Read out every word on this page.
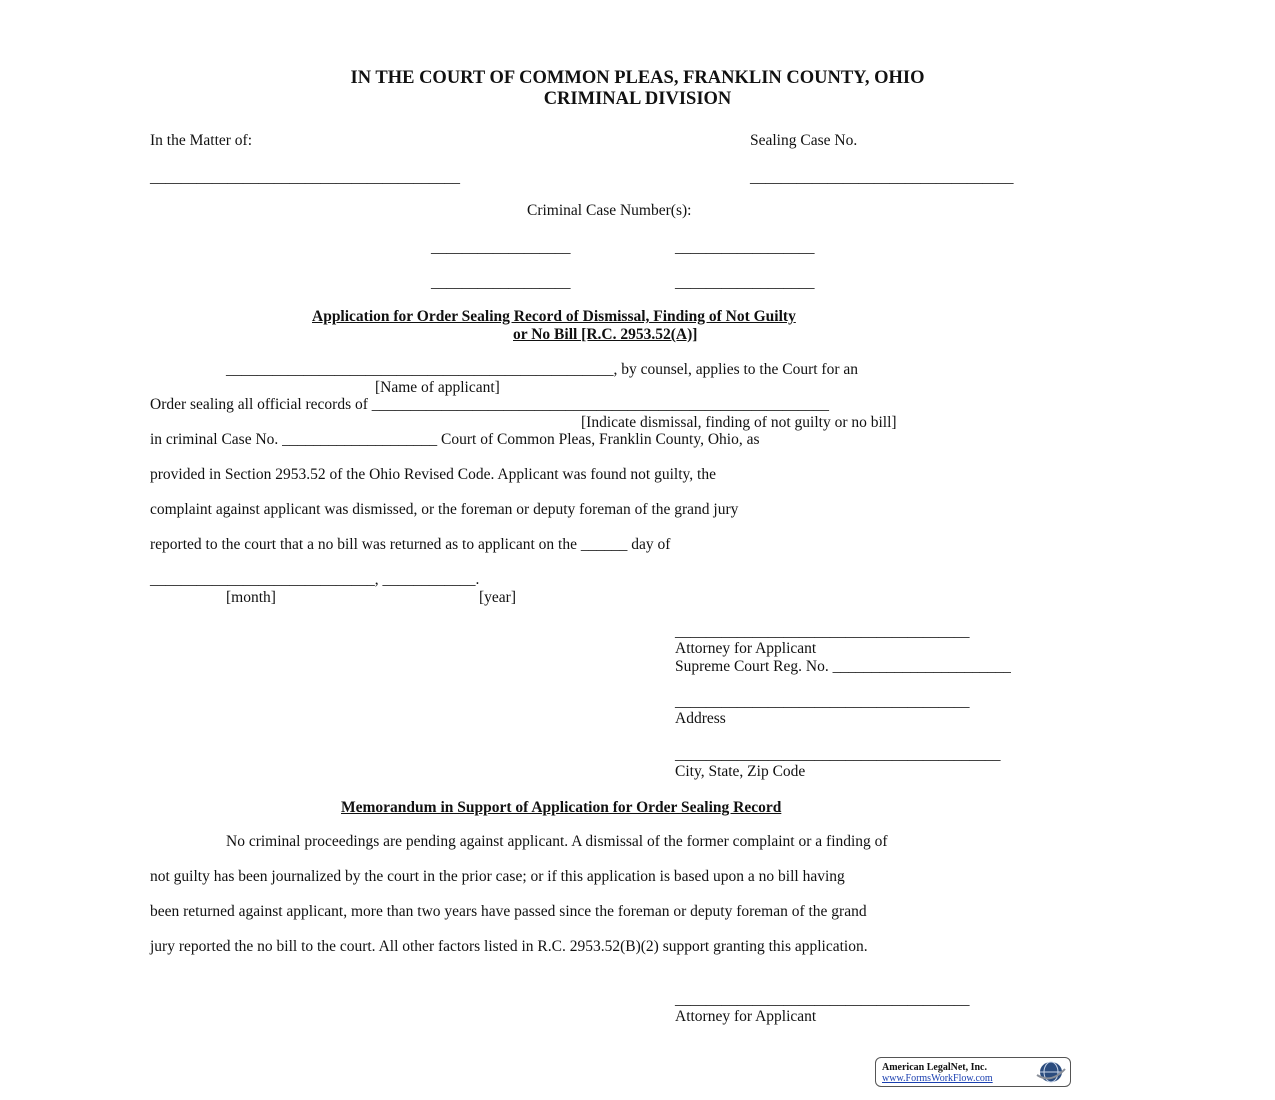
IN THE COURT OF COMMON PLEAS, FRANKLIN COUNTY, OHIO
CRIMINAL DIVISION
In the Matter of:	Sealing Case No.
________________________________________	__________________________________
Criminal Case Number(s):
__________________	__________________
__________________	__________________
Application for Order Sealing Record of Dismissal, Finding of Not Guilty
or No Bill [R.C. 2953.52(A)]
__________________________________________________, by counsel, applies to the Court for an
[Name of applicant]
Order sealing all official records of ___________________________________________________________
[Indicate dismissal, finding of not guilty or no bill]
in criminal Case No. ____________________ Court of Common Pleas, Franklin County, Ohio, as
provided in Section 2953.52 of the Ohio Revised Code. Applicant was found not guilty, the
complaint against applicant was dismissed, or the foreman or deputy foreman of the grand jury
reported to the court that a no bill was returned as to applicant on the ______ day of
_____________________________, ____________.
[month]	[year]
______________________________________
Attorney for Applicant
Supreme Court Reg. No. _______________________
______________________________________
Address
__________________________________________
City, State, Zip Code
Memorandum in Support of Application for Order Sealing Record
No criminal proceedings are pending against applicant. A dismissal of the former complaint or a finding of
not guilty has been journalized by the court in the prior case; or if this application is based upon a no bill having
been returned against applicant, more than two years have passed since the foreman or deputy foreman of the grand
jury reported the no bill to the court. All other factors listed in R.C. 2953.52(B)(2) support granting this application.
______________________________________
Attorney for Applicant
American LegalNet, Inc.
www.FormsWorkFlow.com
